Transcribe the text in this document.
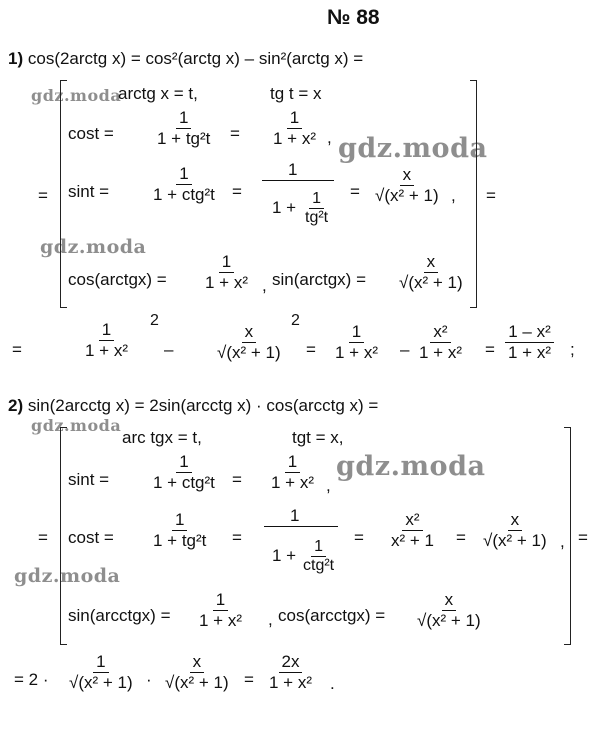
№ 88
gdz.moda
gdz.moda
gdz.moda
gdz.moda
gdz.moda
gdz.moda
1) cos(2arctg x) = cos²(arctg x) – sin²(arctg x) =
arctg x = t,	tg t = x
$\cos t = \frac{1}{\text{1 + tg²t}} = \frac{1}{\text{1 + x²}}$ ,
=	=
$\sin t = \frac{1}{\text{1 + ctg²t}}$ =
1
$1 + \frac{1}{\text{tg²t}} = \frac{x}{\text{√(x² + 1)}}$ ,
cos(arctgx) = $\frac{1}{\text{1 + x²}}$ , sin(arctgx) = $\frac{x}{\text{√(x² + 1)}}$
=	$\frac{1}{\text{1 + x²}} 2$
– $\frac{x}{\text{√(x² + 1)}}$
2
= $\frac{1}{\text{1 + x²}} - \frac{\text{x²}}{\text{1 + x²}} = \frac{\text{1 – x²}}{\text{1 + x²}}$ ;
2) sin(2arcctg x) = 2sin(arcctg x) · cos(arcctg x) =
arc tgx = t,	tgt = x,
$\sin t = \frac{1}{\text{1 + ctg²t}} = \frac{1}{\text{1 + x²}}$ ,
=	=
$\cos t = \frac{1}{\text{1 + tg²t}}$ =
1
$1 + \frac{1}{\text{ctg²t}}$
= $\frac{\text{x²}}{\text{x² + 1}} = \frac{x}{\text{√(x² + 1)}}$ ,
sin(arcctgx) = $\frac{1}{\text{1 + x²}}$ , cos(arcctgx) = $\frac{x}{\text{√(x² + 1)}}$
= $2 \cdot \frac{1}{\text{√(x² + 1)}} \cdot \frac{x}{\text{√(x² + 1)}} = \frac{2x}{\text{1 + x²}}$ .
